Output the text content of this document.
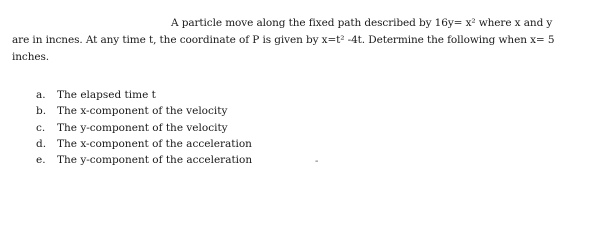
A particle move along the fixed path described by 16y= x² where x and y
are in incnes. At any time t, the coordinate of P is given by x=t² -4t. Determine the following when x= 5
inches.
a.	The elapsed time t
b.	The x-component of the velocity
c.	The y-component of the velocity
d.	The x-component of the acceleration
e.	The y-component of the acceleration	-
